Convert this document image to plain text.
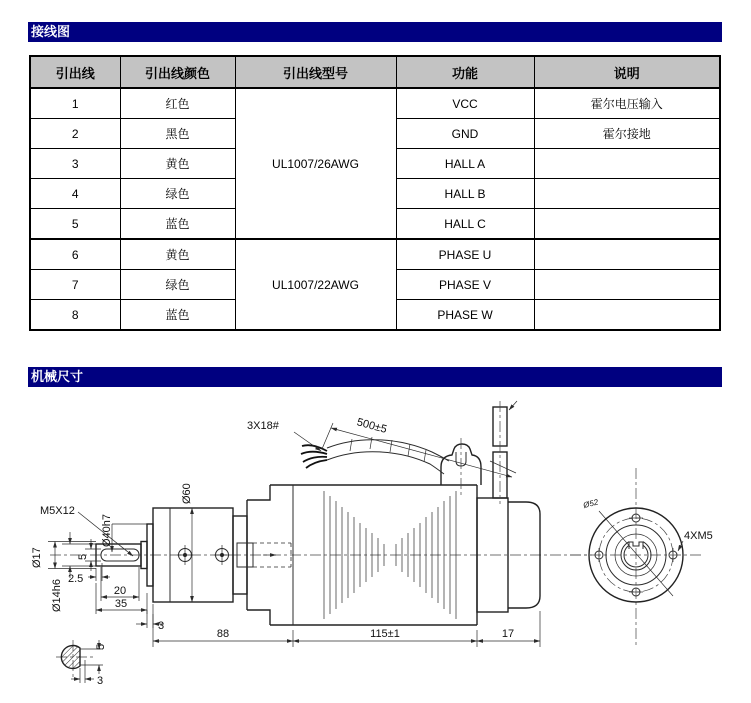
接线图
引出线	引出线颜色	引出线型号	功能	说明
1	红色	UL1007/26AWG	VCC	霍尔电压输入
2	黑色		GND	霍尔接地
3	黄色		HALL A	
4	绿色		HALL B	
5	蓝色		HALL C	
6	黄色	UL1007/22AWG	PHASE U	
7	绿色		PHASE V	
8	蓝色		PHASE W	
机械尺寸
M5X12
3X18#	500±5
Ø17
Ø14h6
5
2.5
Ø40h7
Ø60
20
35
3
88	115±1	17
4XM5
Ø52
5
3
